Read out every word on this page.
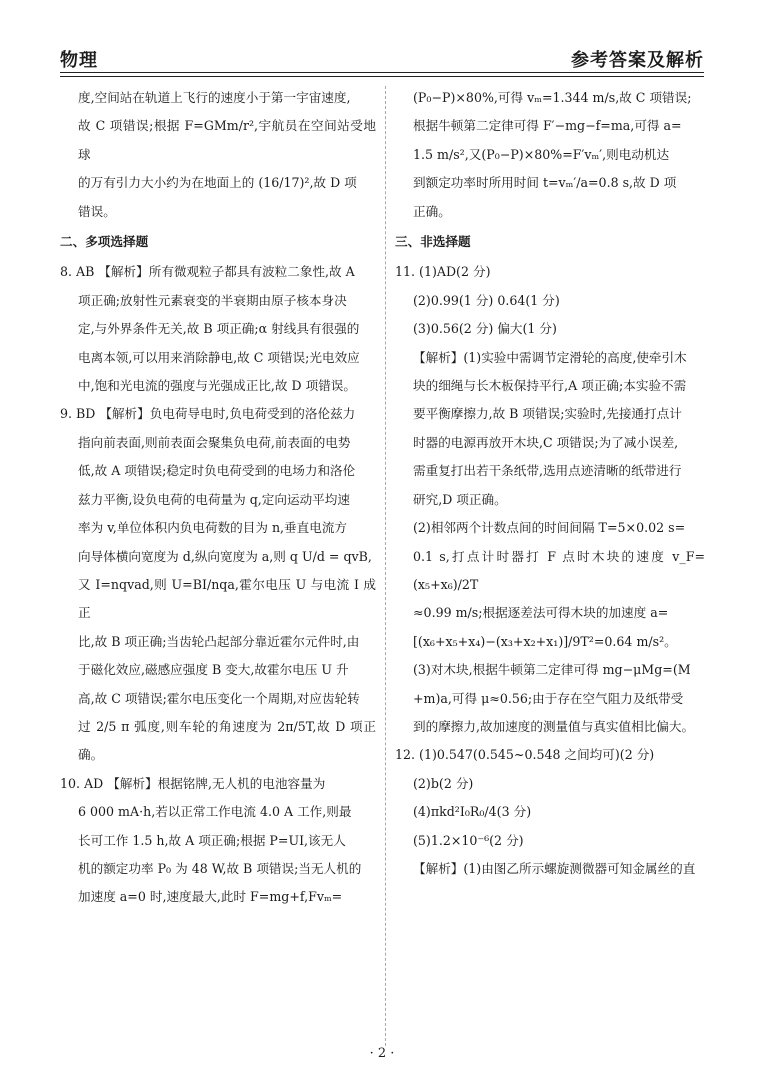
物理	参考答案及解析

度,空间站在轨道上飞行的速度小于第一宇宙速度,

故 C 项错误;根据 F=GMm/r²,宇航员在空间站受地球

的万有引力大小约为在地面上的 (16/17)²,故 D 项

错误。

二、多项选择题

8. AB 【解析】所有微观粒子都具有波粒二象性,故 A

项正确;放射性元素衰变的半衰期由原子核本身决

定,与外界条件无关,故 B 项正确;α 射线具有很强的

电离本领,可以用来消除静电,故 C 项错误;光电效应

中,饱和光电流的强度与光强成正比,故 D 项错误。

9. BD 【解析】负电荷导电时,负电荷受到的洛伦兹力

指向前表面,则前表面会聚集负电荷,前表面的电势

低,故 A 项错误;稳定时负电荷受到的电场力和洛伦

兹力平衡,设负电荷的电荷量为 q,定向运动平均速

率为 v,单位体积内负电荷数的目为 n,垂直电流方

向导体横向宽度为 d,纵向宽度为 a,则 q U/d = qvB,

又 I=nqvad,则 U=BI/nqa,霍尔电压 U 与电流 I 成正

比,故 B 项正确;当齿轮凸起部分靠近霍尔元件时,由

于磁化效应,磁感应强度 B 变大,故霍尔电压 U 升

高,故 C 项错误;霍尔电压变化一个周期,对应齿轮转

过 2/5 π 弧度,则车轮的角速度为 2π/5T,故 D 项正确。

10. AD 【解析】根据铭牌,无人机的电池容量为

6 000 mA·h,若以正常工作电流 4.0 A 工作,则最

长可工作 1.5 h,故 A 项正确;根据 P=UI,该无人

机的额定功率 P₀ 为 48 W,故 B 项错误;当无人机的

加速度 a=0 时,速度最大,此时 F=mg+f,Fvₘ=

(P₀−P)×80%,可得 vₘ=1.344 m/s,故 C 项错误;

根据牛顿第二定律可得 F′−mg−f=ma,可得 a=

1.5 m/s²,又(P₀−P)×80%=F′vₘ′,则电动机达

到额定功率时所用时间 t=vₘ′/a=0.8 s,故 D 项

正确。

三、非选择题

11. (1)AD(2 分)

(2)0.99(1 分) 0.64(1 分)

(3)0.56(2 分) 偏大(1 分)

【解析】(1)实验中需调节定滑轮的高度,使牵引木

块的细绳与长木板保持平行,A 项正确;本实验不需

要平衡摩擦力,故 B 项错误;实验时,先接通打点计

时器的电源再放开木块,C 项错误;为了减小误差,

需重复打出若干条纸带,选用点迹清晰的纸带进行

研究,D 项正确。

(2)相邻两个计数点间的时间间隔 T=5×0.02 s=

0.1 s,打点计时器打 F 点时木块的速度 v_F=(x₅+x₆)/2T

≈0.99 m/s;根据逐差法可得木块的加速度 a=

[(x₆+x₅+x₄)−(x₃+x₂+x₁)]/9T²=0.64 m/s²。

(3)对木块,根据牛顿第二定律可得 mg−μMg=(M

+m)a,可得 μ≈0.56;由于存在空气阻力及纸带受

到的摩擦力,故加速度的测量值与真实值相比偏大。

12. (1)0.547(0.545~0.548 之间均可)(2 分)

(2)b(2 分)

(4)πkd²I₀R₀/4(3 分)

(5)1.2×10⁻⁶(2 分)

【解析】(1)由图乙所示螺旋测微器可知金属丝的直

· 2 ·
